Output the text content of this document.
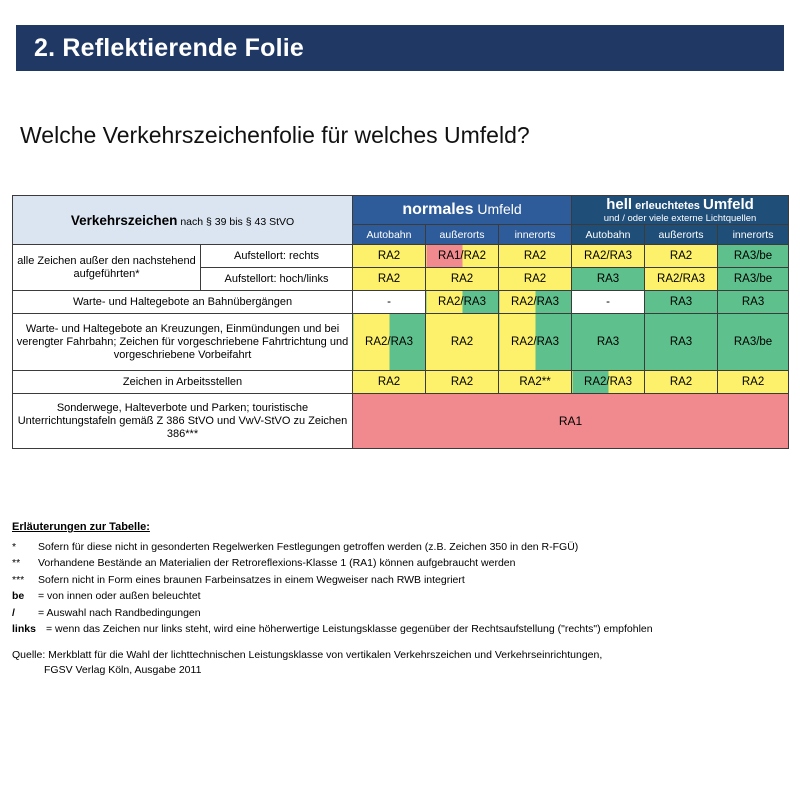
2. Reflektierende Folie
Welche Verkehrszeichenfolie für welches Umfeld?
Verkehrszeichen nach § 39 bis § 43 StVO		normales Umfeld			hell erleuchtetes Umfeld
und / oder viele externe Lichtquellen		

		Autobahn	außerorts	innerorts	Autobahn	außerorts	innerorts
alle Zeichen außer den nachstehend aufgeführten*	Aufstellort: rechts	RA2	RA1/RA2	RA2	RA2/RA3	RA2	RA3/be

	Aufstellort: hoch/links	RA2	RA2	RA2	RA3	RA2/RA3	RA3/be

Warte- und Haltegebote an Bahnübergängen		-	RA2/RA3	RA2/RA3	-	RA3	RA3

Warte- und Haltegebote an Kreuzungen, Einmündungen und bei verengter Fahrbahn; Zeichen für vorgeschriebene Fahrtrichtung und vorgeschriebene Vorbeifahrt		RA2/RA3	RA2	RA2/RA3	RA3	RA3	RA3/be

Zeichen in Arbeitsstellen		RA2	RA2	RA2**	RA2/RA3	RA2	RA2

Sonderwege, Halteverbote und Parken; touristische Unterrichtungstafeln gemäß Z 386 StVO und VwV-StVO zu Zeichen 386***		RA1					
Erläuterungen zur Tabelle:
*	Sofern für diese nicht in gesonderten Regelwerken Festlegungen getroffen werden (z.B. Zeichen 350 in den R-FGÜ)
**	Vorhandene Bestände an Materialien der Retroreflexions-Klasse 1 (RA1) können aufgebraucht werden
***	Sofern nicht in Form eines braunen Farbeinsatzes in einem Wegweiser nach RWB integriert
be	= von innen oder außen beleuchtet
/	= Auswahl nach Randbedingungen
links = wenn das Zeichen nur links steht, wird eine höherwertige Leistungsklasse gegenüber der Rechtsaufstellung ("rechts") empfohlen
Quelle: Merkblatt für die Wahl der lichttechnischen Leistungsklasse von vertikalen Verkehrszeichen und Verkehrseinrichtungen,
FGSV Verlag Köln, Ausgabe 2011
